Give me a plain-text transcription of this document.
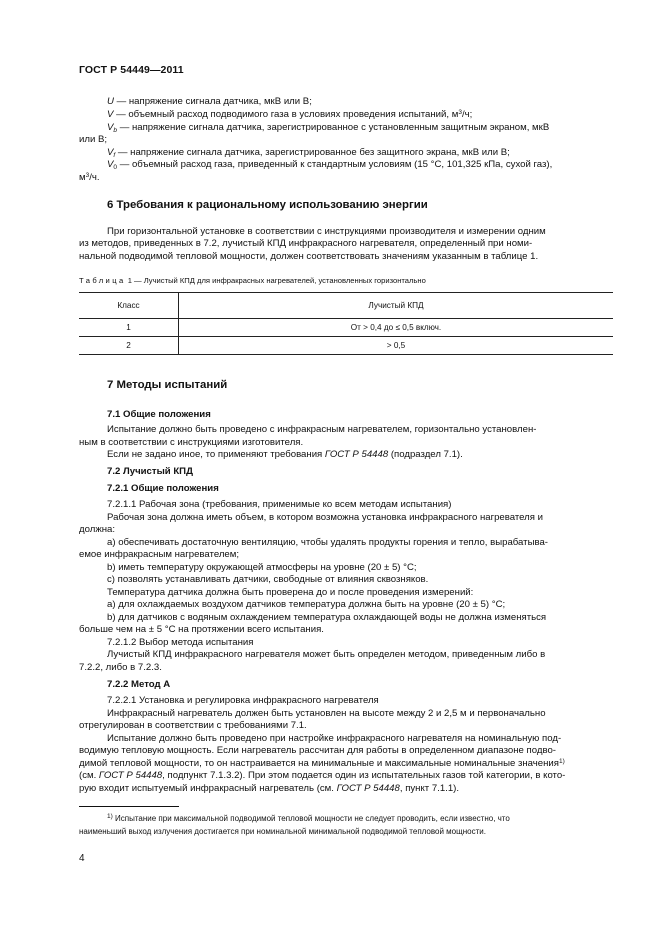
ГОСТ Р 54449—2011
U — напряжение сигнала датчика, мкВ или В;
V — объемный расход подводимого газа в условиях проведения испытаний, $м^3/ч$;
$V_b$ — напряжение сигнала датчика, зарегистрированное с установленным защитным экраном, мкВ
или В;
$V_f$ — напряжение сигнала датчика, зарегистрированное без защитного экрана, мкВ или В;
$V_0$ — объемный расход газа, приведенный к стандартным условиям (15 °С, 101,325 кПа, сухой газ),
$м^3/ч$.
6 Требования к рациональному использованию энергии
При горизонтальной установке в соответствии с инструкциями производителя и измерении одним
из методов, приведенных в 7.2, лучистый КПД инфракрасного нагревателя, определенный при номи-
нальной подводимой тепловой мощности, должен соответствовать значениям указанным в таблице 1.
Таблица 1 — Лучистый КПД для инфракрасных нагревателей, установленных горизонтально
Класс	Лучистый КПД
1	От > 0,4 до ≤ 0,5 включ.
2	> 0,5
7 Методы испытаний
7.1 Общие положения
Испытание должно быть проведено с инфракрасным нагревателем, горизонтально установлен-
ным в соответствии с инструкциями изготовителя.
Если не задано иное, то применяют требования ГОСТ Р 54448 (подраздел 7.1).
7.2 Лучистый КПД
7.2.1 Общие положения
7.2.1.1 Рабочая зона (требования, применимые ко всем методам испытания)
Рабочая зона должна иметь объем, в котором возможна установка инфракрасного нагревателя и
должна:
а) обеспечивать достаточную вентиляцию, чтобы удалять продукты горения и тепло, вырабатыва-
емое инфракрасным нагревателем;
b) иметь температуру окружающей атмосферы на уровне (20 ± 5) °С;
c) позволять устанавливать датчики, свободные от влияния сквозняков.
Температура датчика должна быть проверена до и после проведения измерений:
а) для охлаждаемых воздухом датчиков температура должна быть на уровне (20 ± 5) °С;
b) для датчиков с водяным охлаждением температура охлаждающей воды не должна изменяться
больше чем на ± 5 °С на протяжении всего испытания.
7.2.1.2 Выбор метода испытания
Лучистый КПД инфракрасного нагревателя может быть определен методом, приведенным либо в
7.2.2, либо в 7.2.3.
7.2.2 Метод А
7.2.2.1 Установка и регулировка инфракрасного нагревателя
Инфракрасный нагреватель должен быть установлен на высоте между 2 и 2,5 м и первоначально
отрегулирован в соответствии с требованиями 7.1.
Испытание должно быть проведено при настройке инфракрасного нагревателя на номинальную под-
водимую тепловую мощность. Если нагреватель рассчитан для работы в определенном диапазоне подво-
димой тепловой мощности, то он настраивается на минимальные и максимальные номинальные значения$^{1)}$
(см. ГОСТ Р 54448, подпункт 7.1.3.2). При этом подается один из испытательных газов той категории, в кото-
рую входит испытуемый инфракрасный нагреватель (см. ГОСТ Р 54448, пункт 7.1.1).
$^{1)}$ Испытание при максимальной подводимой тепловой мощности не следует проводить, если известно, что
наименьший выход излучения достигается при номинальной минимальной подводимой тепловой мощности.
4
